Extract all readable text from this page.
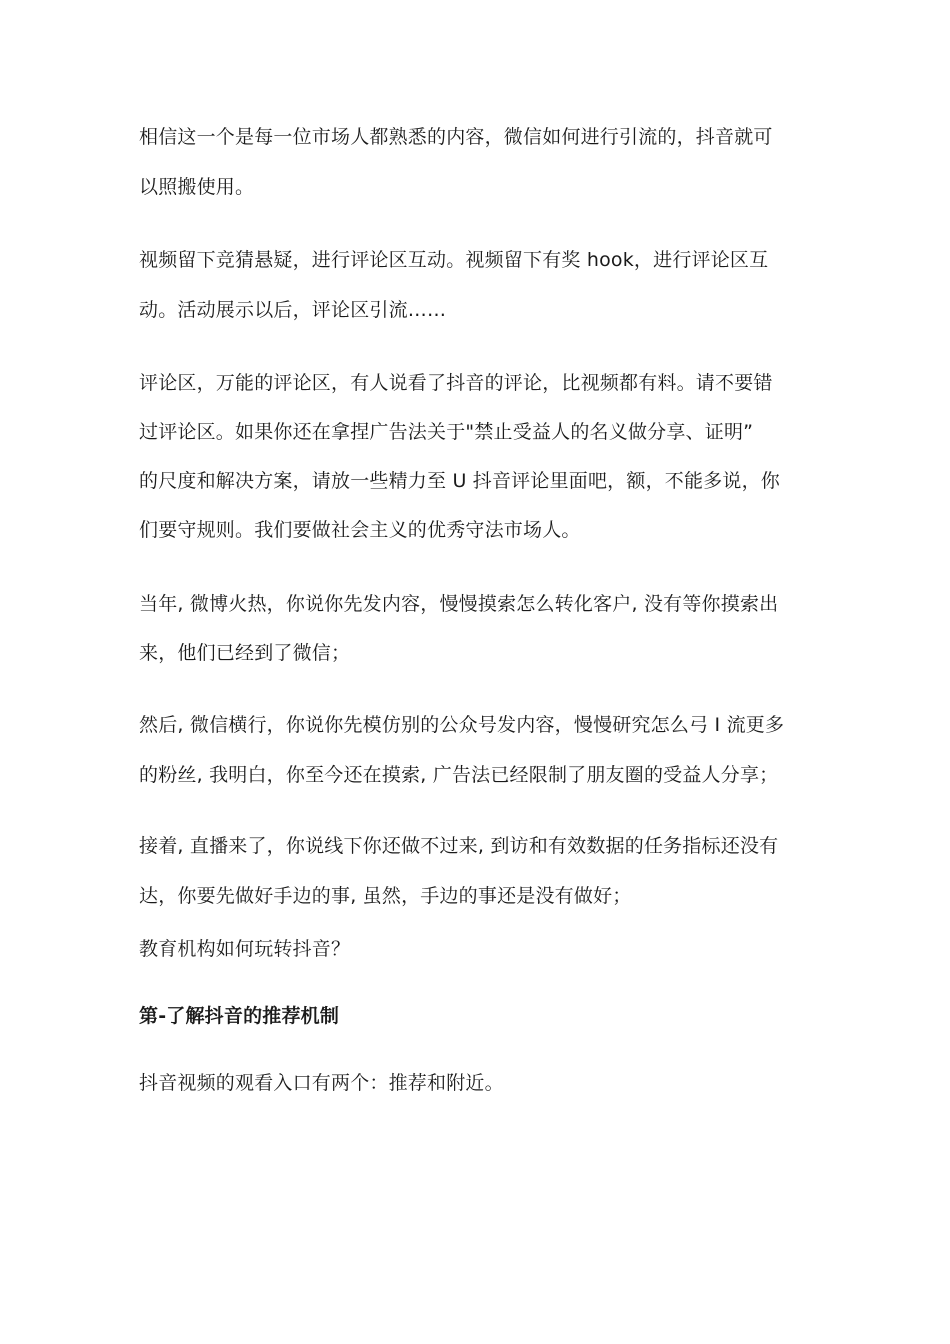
相信这一个是每一位市场人都熟悉的内容，微信如何进行引流的，抖音就可
以照搬使用。
视频留下竞猜悬疑，进行评论区互动。视频留下有奖 hook，进行评论区互
动。活动展示以后，评论区引流……
评论区，万能的评论区，有人说看了抖音的评论，比视频都有料。请不要错
过评论区。如果你还在拿捏广告法关于"禁止受益人的名义做分享、证明”
的尺度和解决方案，请放一些精力至 U 抖音评论里面吧，额，不能多说，你
们要守规则。我们要做社会主义的优秀守法市场人。
当年, 微博火热，你说你先发内容，慢慢摸索怎么转化客户, 没有等你摸索出
来，他们已经到了微信；
然后, 微信横行，你说你先模仿别的公众号发内容，慢慢研究怎么弓 I 流更多
的粉丝, 我明白，你至今还在摸索, 广告法已经限制了朋友圈的受益人分享；
接着, 直播来了，你说线下你还做不过来, 到访和有效数据的任务指标还没有
达，你要先做好手边的事, 虽然，手边的事还是没有做好；
教育机构如何玩转抖音？
第-了解抖音的推荐机制
抖音视频的观看入口有两个：推荐和附近。
